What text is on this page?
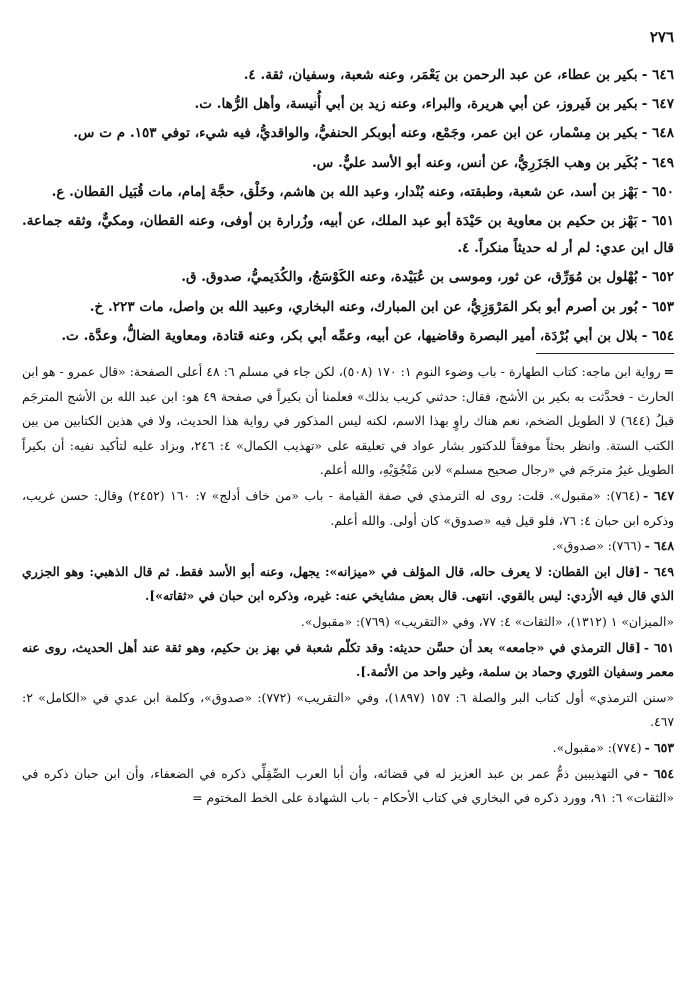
٢٧٦

٦٤٦ -بكير بن عطاء، عن عبد الرحمن بن يَعْمَر، وعنه شعبة، وسفيان، ثقة. ٤.

٦٤٧ -بكير بن فَيروز، عن أبي هريرة، والبراء، وعنه زيد بن أبي أُنيسة، وأهل الرُّها. ت.

٦٤٨ -بكير بن مِسْمار، عن ابن عمر، وجَمْع، وعنه أبوبكر الحنفيُّ، والواقديُّ، فيه شيء، توفي ١٥٣. م ت س.

٦٤٩ -بُكَير بن وهب الجَزَرِيُّ، عن أنس، وعنه أبو الأسد عليٌّ. س.

٦٥٠ -بَهْز بن أسد، عن شعبة، وطبقته، وعنه بُنْدار، وعبد الله بن هاشم، وخَلْق، حجَّة إمام، مات قُبَيل القطان. ع.

٦٥١ -بَهْز بن حكيم بن معاوية بن حَيْدَة أبو عبد الملك، عن أبيه، وزُرارة بن أوفى، وعنه القطان، ومكيٌّ، وثقه جماعة. قال ابن عدي: لم أر له حديثاً منكراً. ٤.

٦٥٢ -بُهْلول بن مُوَرِّق، عن ثور، وموسى بن عُبَيْدة، وعنه الكَوْسَجُ، والكُدَيميُّ، صدوق. ق.

٦٥٣ -بُور بن أصرم أبو بكر المَرْوَزِيُّ، عن ابن المبارك، وعنه البخاري، وعبيد الله بن واصل، مات ٢٢٣. خ.

٦٥٤ -بلال بن أبي بُرْدَة، أمير البصرة وقاضيها، عن أبيه، وعمِّه أبي بكر، وعنه قتادة، ومعاوية الضالُّ، وعدَّة. ت.

=رواية ابن ماجه: كتاب الطهارة - باب وضوء النوم ١: ١٧٠ (٥٠٨)، لكن جاء في مسلم ٦: ٤٨ أعلى الصفحة: «قال عمرو - هو ابن الحارث - فحدَّثت به بكير بن الأشج، فقال: حدثني كريب بذلك» فعلمنا أن بكيراً في صفحة ٤٩ هو: ابن عبد الله بن الأشج المترجَم قبلُ (٦٤٤) لا الطويل الضخم، نعم هناك راوٍ بهذا الاسم، لكنه ليس المذكور في رواية هذا الحديث، ولا في هذين الكتابين من بين الكتب الستة. وانظر بحثاً موفقاً للدكتور بشار عواد في تعليقه على «تهذيب الكمال» ٤: ٢٤٦، وبزاد عليه لتأكيد نفيه: أن بكيراً الطويل غيرُ مترجَم في «رجال صحيح مسلم» لابن مَنْجُوَيْهِ، والله أعلم.

٦٤٧ -(٧٦٤): «مقبول». قلت: روى له الترمذي في صفة القيامة - باب «من خاف أدلج» ٧: ١٦٠ (٢٤٥٢) وقال: حسن غريب، وذكره ابن حبان ٤: ٧٦، فلو قيل فيه «صدوق» كان أولى. والله أعلم.

٦٤٨ -(٧٦٦): «صدوق».

٦٤٩ -[قال ابن القطان: لا يعرف حاله، قال المؤلف في «ميزانه»: يجهل، وعنه أبو الأسد فقط. ثم قال الذهبي: وهو الجزري الذي قال فيه الأزدي: ليس بالقوي. انتهى. قال بعض مشايخي عنه: غيره، وذكره ابن حبان في «ثقاته»].

«الميزان» ١ (١٣١٢)، «الثقات» ٤: ٧٧، وفي «التقريب» (٧٦٩): «مقبول».

٦٥١ -[قال الترمذي في «جامعه» بعد أن حسَّن حديثه: وقد تكلّم شعبة في بهز بن حكيم، وهو ثقة عند أهل الحديث، روى عنه معمر وسفيان الثوري وحماد بن سلمة، وغير واحد من الأئمة.].

«سنن الترمذي» أول كتاب البر والصلة ٦: ١٥٧ (١٨٩٧)، وفي «التقريب» (٧٧٢): «صدوق»، وكلمة ابن عدي في «الكامل» ٢: ٤٦٧.

٦٥٣ -(٧٧٤): «مقبول».

٦٥٤ -في التهذيبين ذمُّ عمر بن عبد العزيز له في قضائه، وأن أبا العرب الصِّقِلِّي ذكره في الضعفاء، وأن ابن حبان ذكره في «الثقات» ٦: ٩١، وورد ذكره في البخاري في كتاب الأحكام - باب الشهادة على الخط المختوم =
